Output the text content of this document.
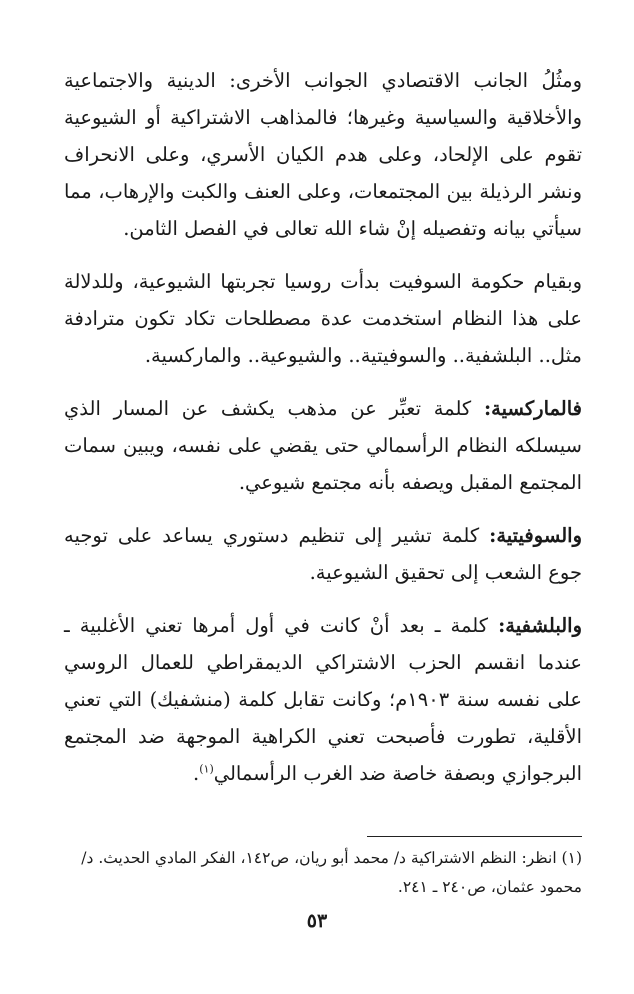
ومثُلُ الجانب الاقتصادي الجوانب الأخرى: الدينية والاجتماعية والأخلاقية والسياسية وغيرها؛ فالمذاهب الاشتراكية أو الشيوعية تقوم على الإلحاد، وعلى هدم الكيان الأسري، وعلى الانحراف ونشر الرذيلة بين المجتمعات، وعلى العنف والكبت والإرهاب، مما سيأتي بيانه وتفصيله إنْ شاء الله تعالى في الفصل الثامن.

وبقيام حكومة السوفيت بدأت روسيا تجربتها الشيوعية، وللدلالة على هذا النظام استخدمت عدة مصطلحات تكاد تكون مترادفة مثل.. البلشفية.. والسوفيتية.. والشيوعية.. والماركسية.

فالماركسية: كلمة تعبِّر عن مذهب يكشف عن المسار الذي سيسلكه النظام الرأسمالي حتى يقضي على نفسه، ويبين سمات المجتمع المقبل ويصفه بأنه مجتمع شيوعي.

والسوفيتية: كلمة تشير إلى تنظيم دستوري يساعد على توجيه جوع الشعب إلى تحقيق الشيوعية.

والبلشفية: كلمة ـ بعد أنْ كانت في أول أمرها تعني الأغلبية ـ عندما انقسم الحزب الاشتراكي الديمقراطي للعمال الروسي على نفسه سنة ١٩٠٣م؛ وكانت تقابل كلمة (منشفيك) التي تعني الأقلية، تطورت فأصبحت تعني الكراهية الموجهة ضد المجتمع البرجوازي وبصفة خاصة ضد الغرب الرأسمالي$^{(١)}$.

(١) انظر: النظم الاشتراكية د/ محمد أبو ريان، ص١٤٢، الفكر المادي الحديث. د/ محمود عثمان، ص٢٤٠ ـ ٢٤١.

٥٣
